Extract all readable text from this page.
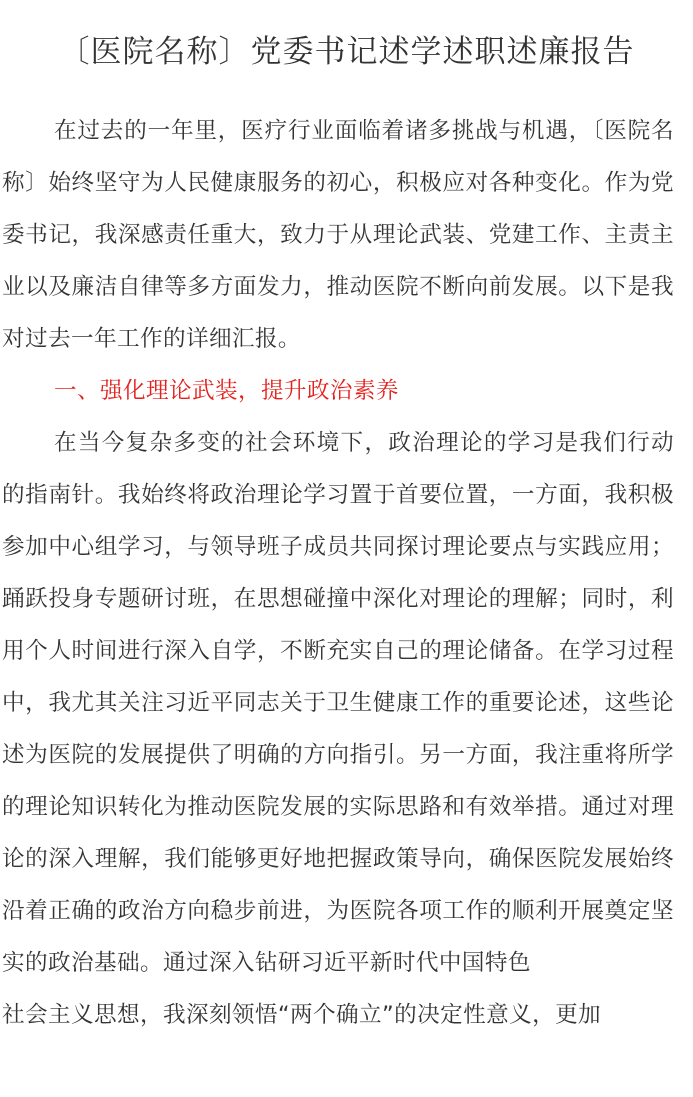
〔医院名称〕党委书记述学述职述廉报告

在过去的一年里，医疗行业面临着诸多挑战与机遇，〔医院名称〕始终坚守为人民健康服务的初心，积极应对各种变化。作为党委书记，我深感责任重大，致力于从理论武装、党建工作、主责主业以及廉洁自律等多方面发力，推动医院不断向前发展。以下是我对过去一年工作的详细汇报。

一、强化理论武装，提升政治素养

在当今复杂多变的社会环境下，政治理论的学习是我们行动的指南针。我始终将政治理论学习置于首要位置，一方面，我积极参加中心组学习，与领导班子成员共同探讨理论要点与实践应用；踊跃投身专题研讨班，在思想碰撞中深化对理论的理解；同时，利用个人时间进行深入自学，不断充实自己的理论储备。在学习过程中，我尤其关注习近平同志关于卫生健康工作的重要论述，这些论述为医院的发展提供了明确的方向指引。另一方面，我注重将所学的理论知识转化为推动医院发展的实际思路和有效举措。通过对理论的深入理解，我们能够更好地把握政策导向，确保医院发展始终沿着正确的政治方向稳步前进，为医院各项工作的顺利开展奠定坚实的政治基础。通过深入钻研习近平新时代中国特色

社会主义思想，我深刻领悟“两个确立”的决定性意义，更加
